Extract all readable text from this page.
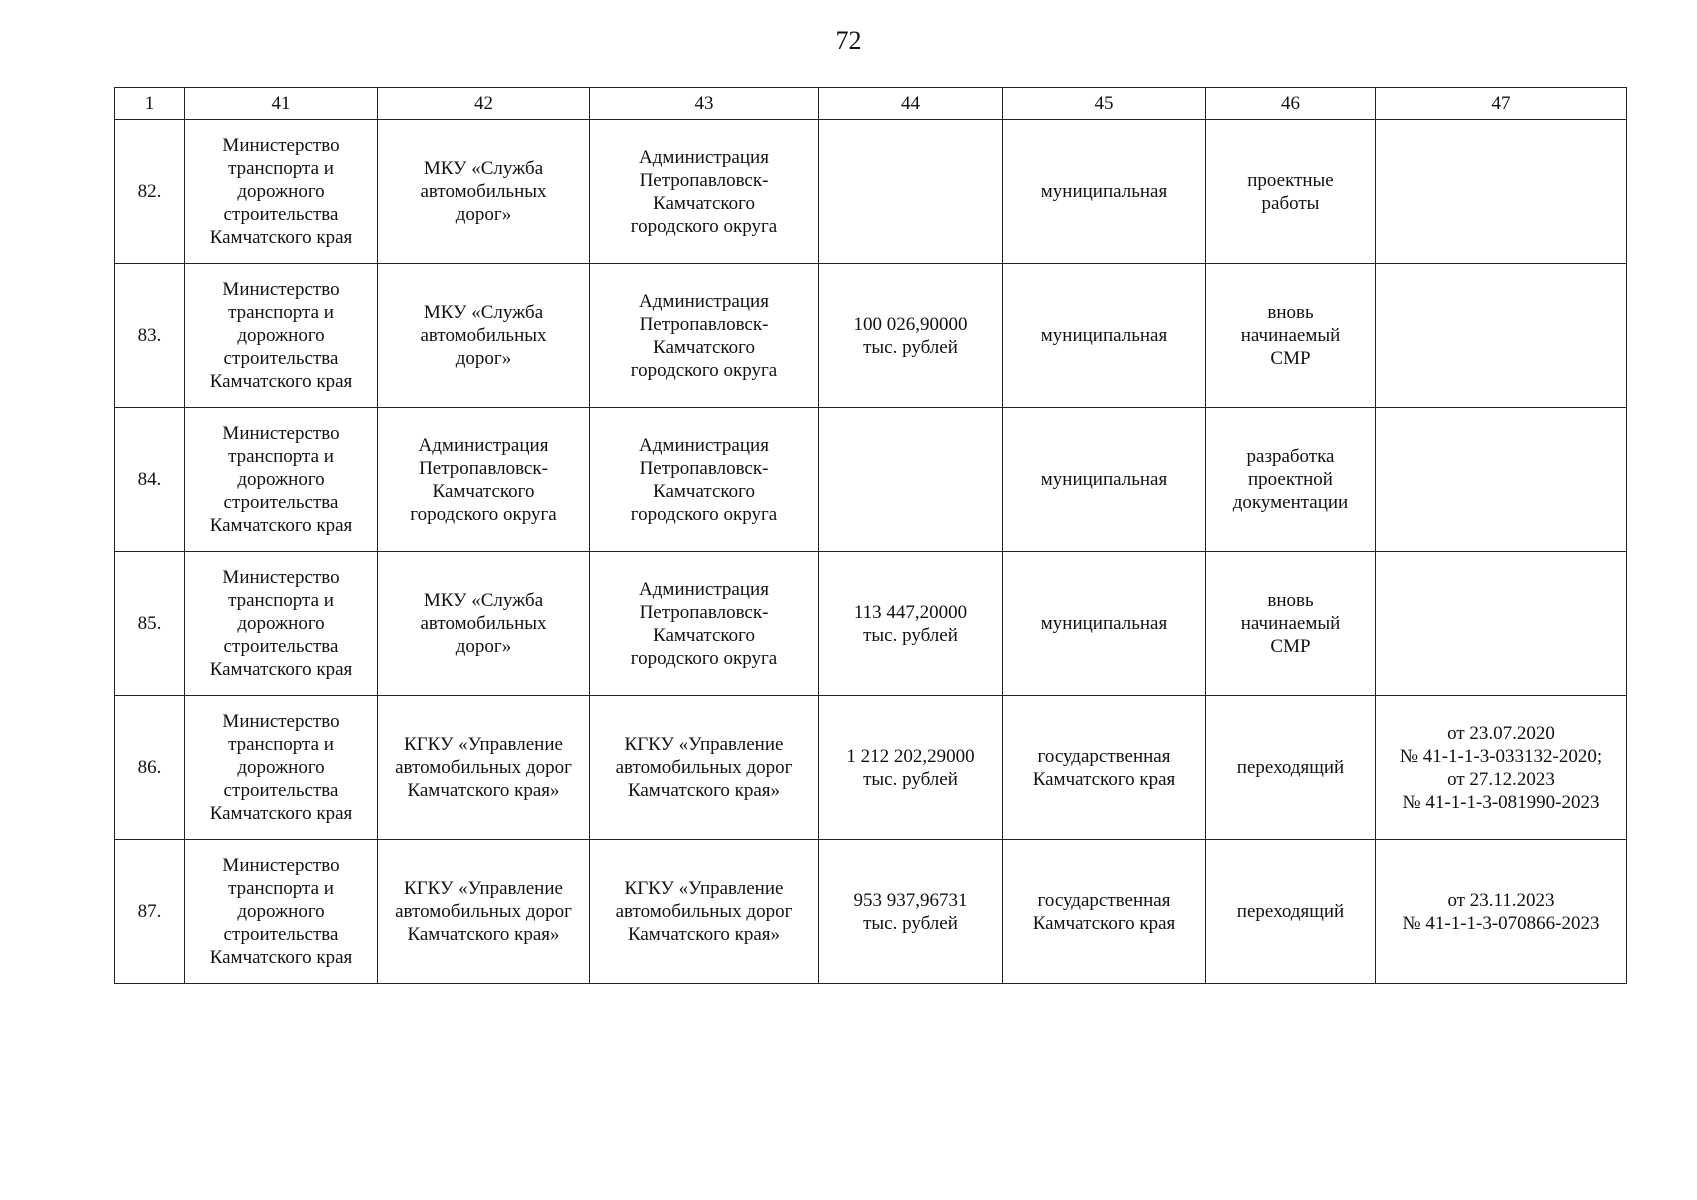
72
1	41	42	43	44	45	46	47
82.	Министерство
транспорта и
дорожного
строительства
Камчатского края	МКУ «Служба
автомобильных
дорог»	Администрация
Петропавловск-
Камчатского
городского округа		муниципальная	проектные
работы	
83.	Министерство
транспорта и
дорожного
строительства
Камчатского края	МКУ «Служба
автомобильных
дорог»	Администрация
Петропавловск-
Камчатского
городского округа	100 026,90000
тыс. рублей	муниципальная	вновь
начинаемый
СМР	
84.	Министерство
транспорта и
дорожного
строительства
Камчатского края	Администрация
Петропавловск-
Камчатского
городского округа	Администрация
Петропавловск-
Камчатского
городского округа		муниципальная	разработка
проектной
документации	
85.	Министерство
транспорта и
дорожного
строительства
Камчатского края	МКУ «Служба
автомобильных
дорог»	Администрация
Петропавловск-
Камчатского
городского округа	113 447,20000
тыс. рублей	муниципальная	вновь
начинаемый
СМР	
86.	Министерство
транспорта и
дорожного
строительства
Камчатского края	КГКУ «Управление
автомобильных дорог
Камчатского края»	КГКУ «Управление
автомобильных дорог
Камчатского края»	1 212 202,29000
тыс. рублей	государственная
Камчатского края	переходящий	от 23.07.2020
№ 41-1-1-3-033132-2020;
от 27.12.2023
№ 41-1-1-3-081990-2023
87.	Министерство
транспорта и
дорожного
строительства
Камчатского края	КГКУ «Управление
автомобильных дорог
Камчатского края»	КГКУ «Управление
автомобильных дорог
Камчатского края»	953 937,96731
тыс. рублей	государственная
Камчатского края	переходящий	от 23.11.2023
№ 41-1-1-3-070866-2023
